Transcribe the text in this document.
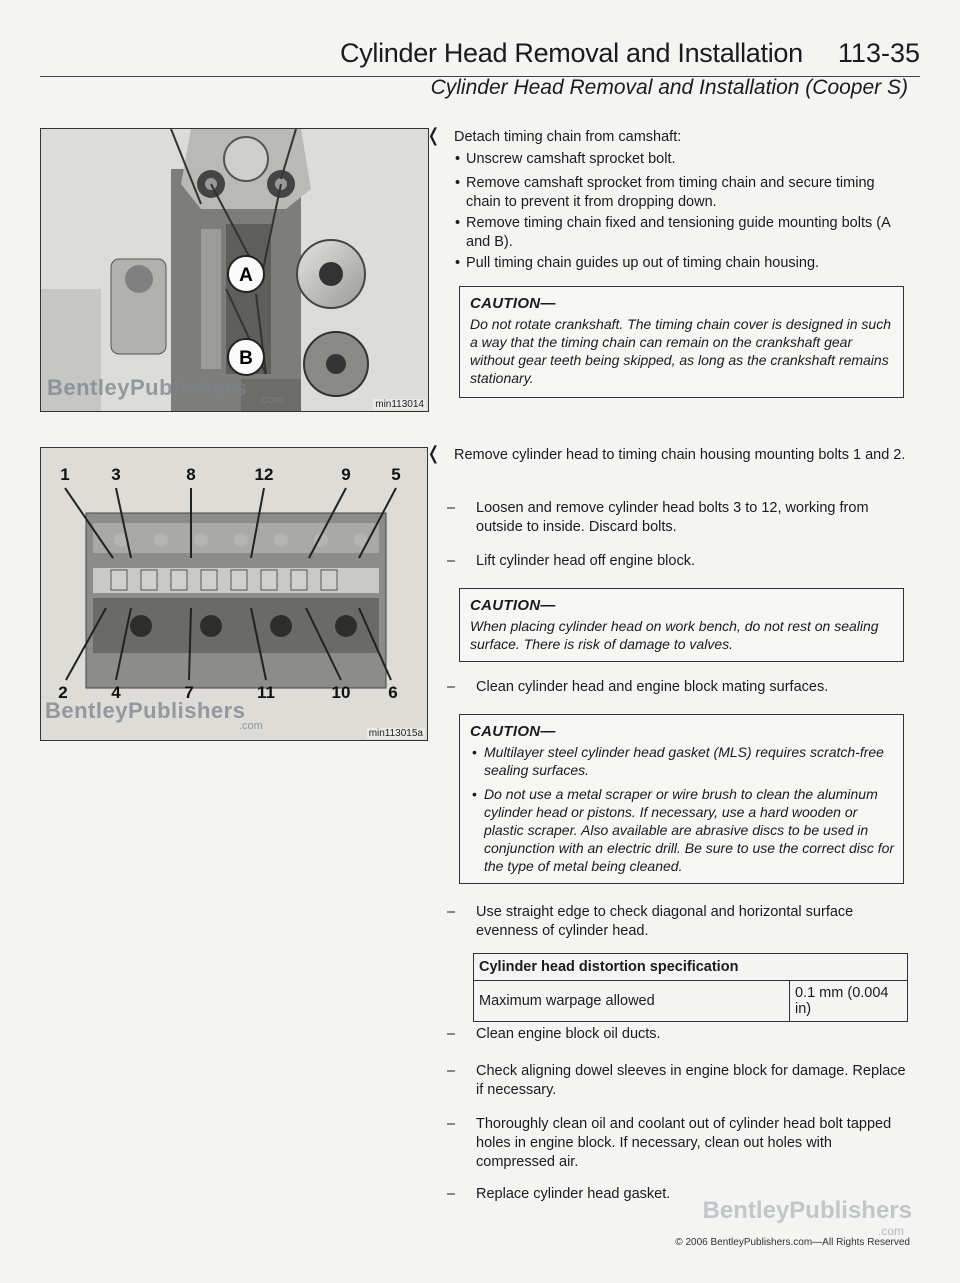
Cylinder Head Removal and Installation 113-35
Cylinder Head Removal and Installation (Cooper S)
A
B
BentleyPublishers .com	min113014
1 3	8	12	9 5
2	4	7	11	10 6
BentleyPublishers
.com
min113015a
❬ Detach timing chain from camshaft:
• Unscrew camshaft sprocket bolt.
• Remove camshaft sprocket from timing chain and secure timing chain to prevent it from dropping down.
• Remove timing chain fixed and tensioning guide mounting bolts (A and B).
• Pull timing chain guides up out of timing chain housing.
CAUTION—
Do not rotate crankshaft. The timing chain cover is designed in such a way that the timing chain can remain on the crankshaft gear without gear teeth being skipped, as long as the crankshaft remains stationary.
❬ Remove cylinder head to timing chain housing mounting bolts 1 and 2.
– Loosen and remove cylinder head bolts 3 to 12, working from outside to inside. Discard bolts.
– Lift cylinder head off engine block.
CAUTION—
When placing cylinder head on work bench, do not rest on sealing surface. There is risk of damage to valves.
– Clean cylinder head and engine block mating surfaces.
CAUTION—
• Multilayer steel cylinder head gasket (MLS) requires scratch-free sealing surfaces.
• Do not use a metal scraper or wire brush to clean the aluminum cylinder head or pistons. If necessary, use a hard wooden or plastic scraper. Also available are abrasive discs to be used in conjunction with an electric drill. Be sure to use the correct disc for the type of metal being cleaned.
– Use straight edge to check diagonal and horizontal surface evenness of cylinder head.
Cylinder head distortion specification
Maximum warpage allowed	0.1 mm (0.004 in)
– Clean engine block oil ducts.
– Check aligning dowel sleeves in engine block for damage. Replace if necessary.
– Thoroughly clean oil and coolant out of cylinder head bolt tapped holes in engine block. If necessary, clean out holes with compressed air.
– Replace cylinder head gasket.
BentleyPublishers
.com
© 2006 BentleyPublishers.com—All Rights Reserved
